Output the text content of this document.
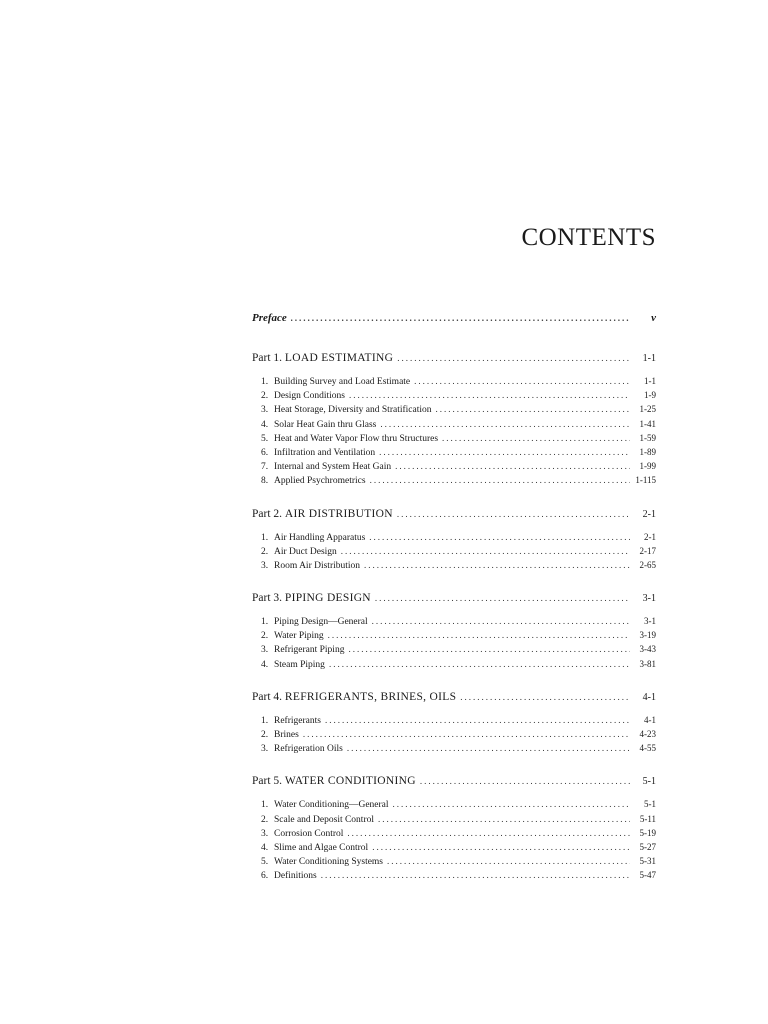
CONTENTS
Preface .....	v
Part 1. LOAD ESTIMATING .....	1-1
1. Building Survey and Load Estimate .....	1-1
2. Design Conditions .....	1-9
3. Heat Storage, Diversity and Stratification .....	1-25
4. Solar Heat Gain thru Glass .....	1-41
5. Heat and Water Vapor Flow thru Structures .....	1-59
6. Infiltration and Ventilation .....	1-89
7. Internal and System Heat Gain .....	1-99
8. Applied Psychrometrics .....	1-115
Part 2. AIR DISTRIBUTION .....	2-1
1. Air Handling Apparatus .....	2-1
2. Air Duct Design .....	2-17
3. Room Air Distribution .....	2-65
Part 3. PIPING DESIGN .....	3-1
1. Piping Design—General .....	3-1
2. Water Piping .....	3-19
3. Refrigerant Piping .....	3-43
4. Steam Piping .....	3-81
Part 4. REFRIGERANTS, BRINES, OILS .....	4-1
1. Refrigerants .....	4-1
2. Brines .....	4-23
3. Refrigeration Oils .....	4-55
Part 5. WATER CONDITIONING .....	5-1
1. Water Conditioning—General .....	5-1
2. Scale and Deposit Control .....	5-11
3. Corrosion Control .....	5-19
4. Slime and Algae Control .....	5-27
5. Water Conditioning Systems .....	5-31
6. Definitions .....	5-47
